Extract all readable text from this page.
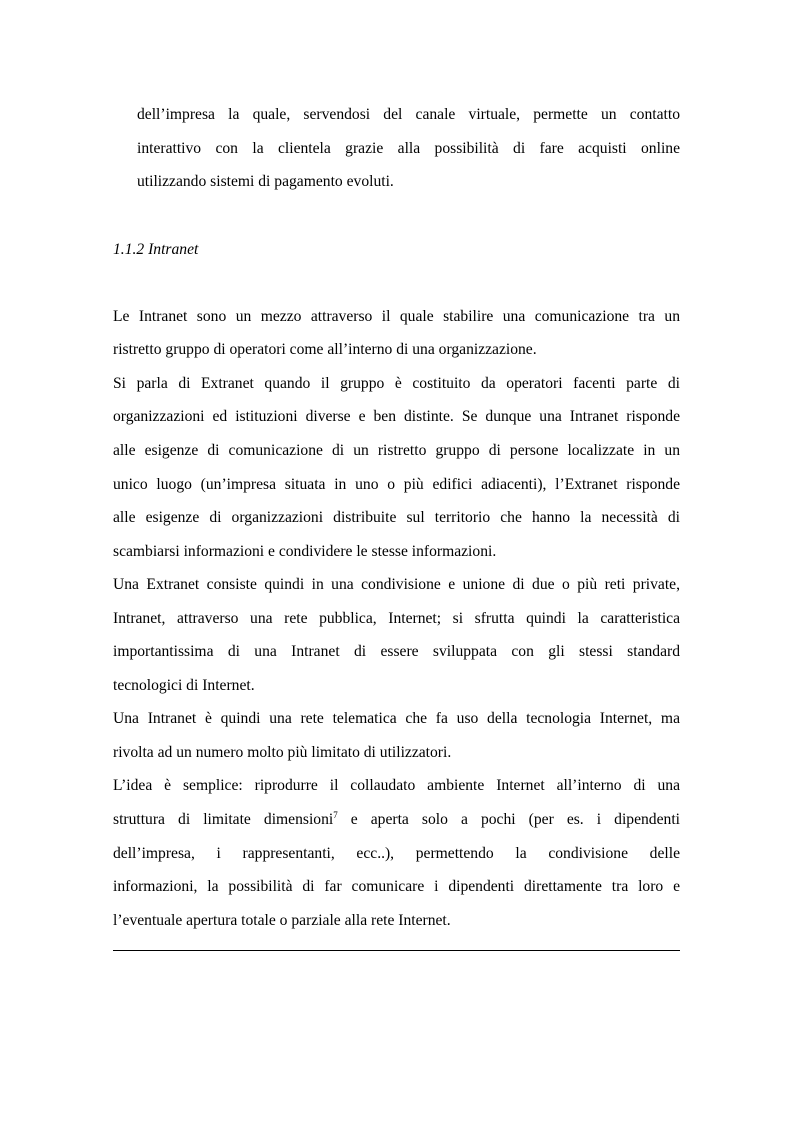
dell’impresa la quale, servendosi del canale virtuale, permette un contatto
interattivo con la clientela grazie alla possibilità di fare acquisti online
utilizzando sistemi di pagamento evoluti.
1.1.2 Intranet
Le Intranet sono un mezzo attraverso il quale stabilire una comunicazione tra un
ristretto gruppo di operatori come all’interno di una organizzazione.
Si parla di Extranet quando il gruppo è costituito da operatori facenti parte di
organizzazioni ed istituzioni diverse e ben distinte. Se dunque una Intranet risponde
alle esigenze di comunicazione di un ristretto gruppo di persone localizzate in un
unico luogo (un’impresa situata in uno o più edifici adiacenti), l’Extranet risponde
alle esigenze di organizzazioni distribuite sul territorio che hanno la necessità di
scambiarsi informazioni e condividere le stesse informazioni.
Una Extranet consiste quindi in una condivisione e unione di due o più reti private,
Intranet, attraverso una rete pubblica, Internet; si sfrutta quindi la caratteristica
importantissima di una Intranet di essere sviluppata con gli stessi standard
tecnologici di Internet.
Una Intranet è quindi una rete telematica che fa uso della tecnologia Internet, ma
rivolta ad un numero molto più limitato di utilizzatori.
L’idea è semplice: riprodurre il collaudato ambiente Internet all’interno di una
struttura di limitate dimensioni$^7$ e aperta solo a pochi (per es. i dipendenti
dell’impresa, i rappresentanti, ecc..), permettendo la condivisione delle
informazioni, la possibilità di far comunicare i dipendenti direttamente tra loro e
l’eventuale apertura totale o parziale alla rete Internet.
